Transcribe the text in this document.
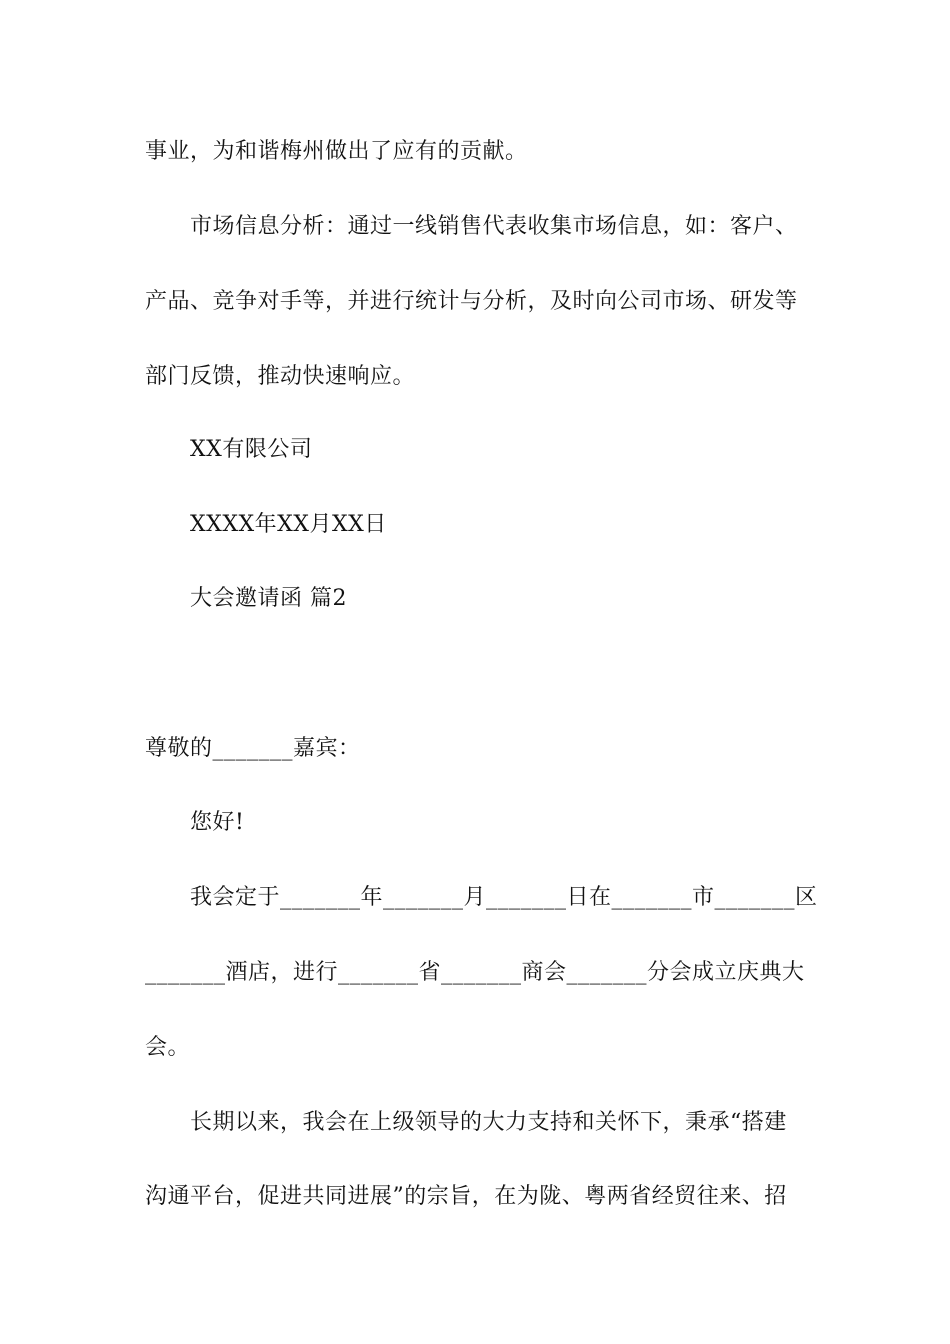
事业，为和谐梅州做出了应有的贡献。
市场信息分析：通过一线销售代表收集市场信息，如：客户、
产品、竞争对手等，并进行统计与分析，及时向公司市场、研发等
部门反馈，推动快速响应。
XX有限公司
XXXX年XX月XX日
大会邀请函 篇2
尊敬的_______嘉宾：
您好!
我会定于_______年_______月_______日在_______市_______区
_______酒店，进行_______省_______商会_______分会成立庆典大
会。
长期以来，我会在上级领导的大力支持和关怀下，秉承“搭建
沟通平台，促进共同进展”的宗旨，在为陇、粤两省经贸往来、招
